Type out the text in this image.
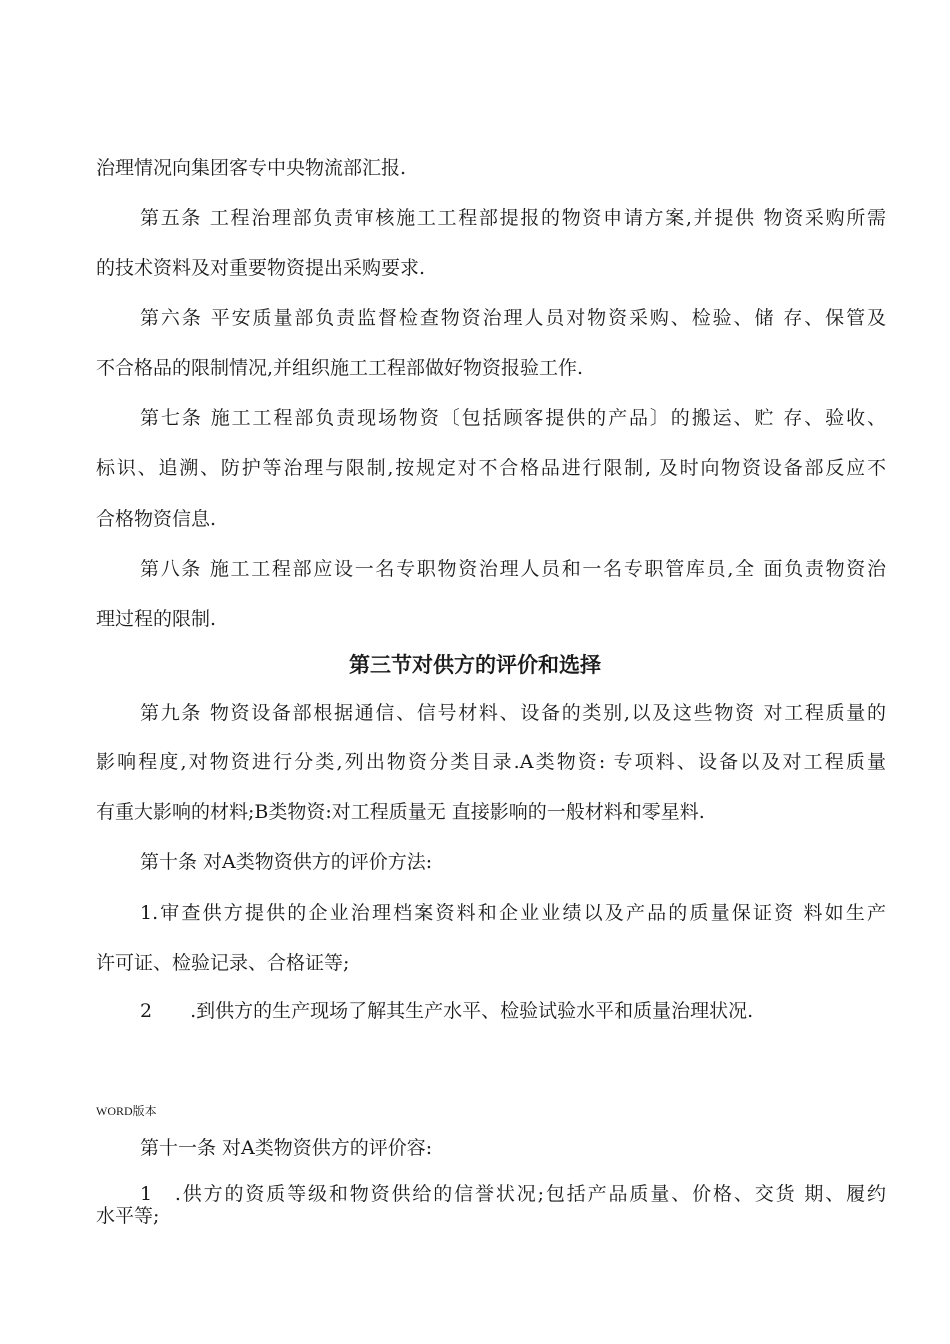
治理情况向集团客专中央物流部汇报.
第五条 工程治理部负责审核施工工程部提报的物资申请方案,并提供 物资采购所需
的技术资料及对重要物资提出采购要求.
第六条 平安质量部负责监督检查物资治理人员对物资采购、检验、储 存、保管及
不合格品的限制情况,并组织施工工程部做好物资报验工作.
第七条 施工工程部负责现场物资〔包括顾客提供的产品〕的搬运、贮 存、验收、
标识、追溯、防护等治理与限制,按规定对不合格品进行限制, 及时向物资设备部反应不
合格物资信息.
第八条 施工工程部应设一名专职物资治理人员和一名专职管库员,全 面负责物资治
理过程的限制.
第三节对供方的评价和选择
第九条 物资设备部根据通信、信号材料、设备的类别,以及这些物资 对工程质量的
影响程度,对物资进行分类,列出物资分类目录.A类物资: 专项料、设备以及对工程质量
有重大影响的材料;B类物资:对工程质量无 直接影响的一般材料和零星料.
第十条 对A类物资供方的评价方法:
1.审查供方提供的企业治理档案资料和企业业绩以及产品的质量保证资 料如生产
许可证、检验记录、合格证等;
2　　.到供方的生产现场了解其生产水平、检验试验水平和质量治理状况.
WORD版本
第十一条 对A类物资供方的评价容:
1　.供方的资质等级和物资供给的信誉状况;包括产品质量、价格、交货 期、履约
水平等;
